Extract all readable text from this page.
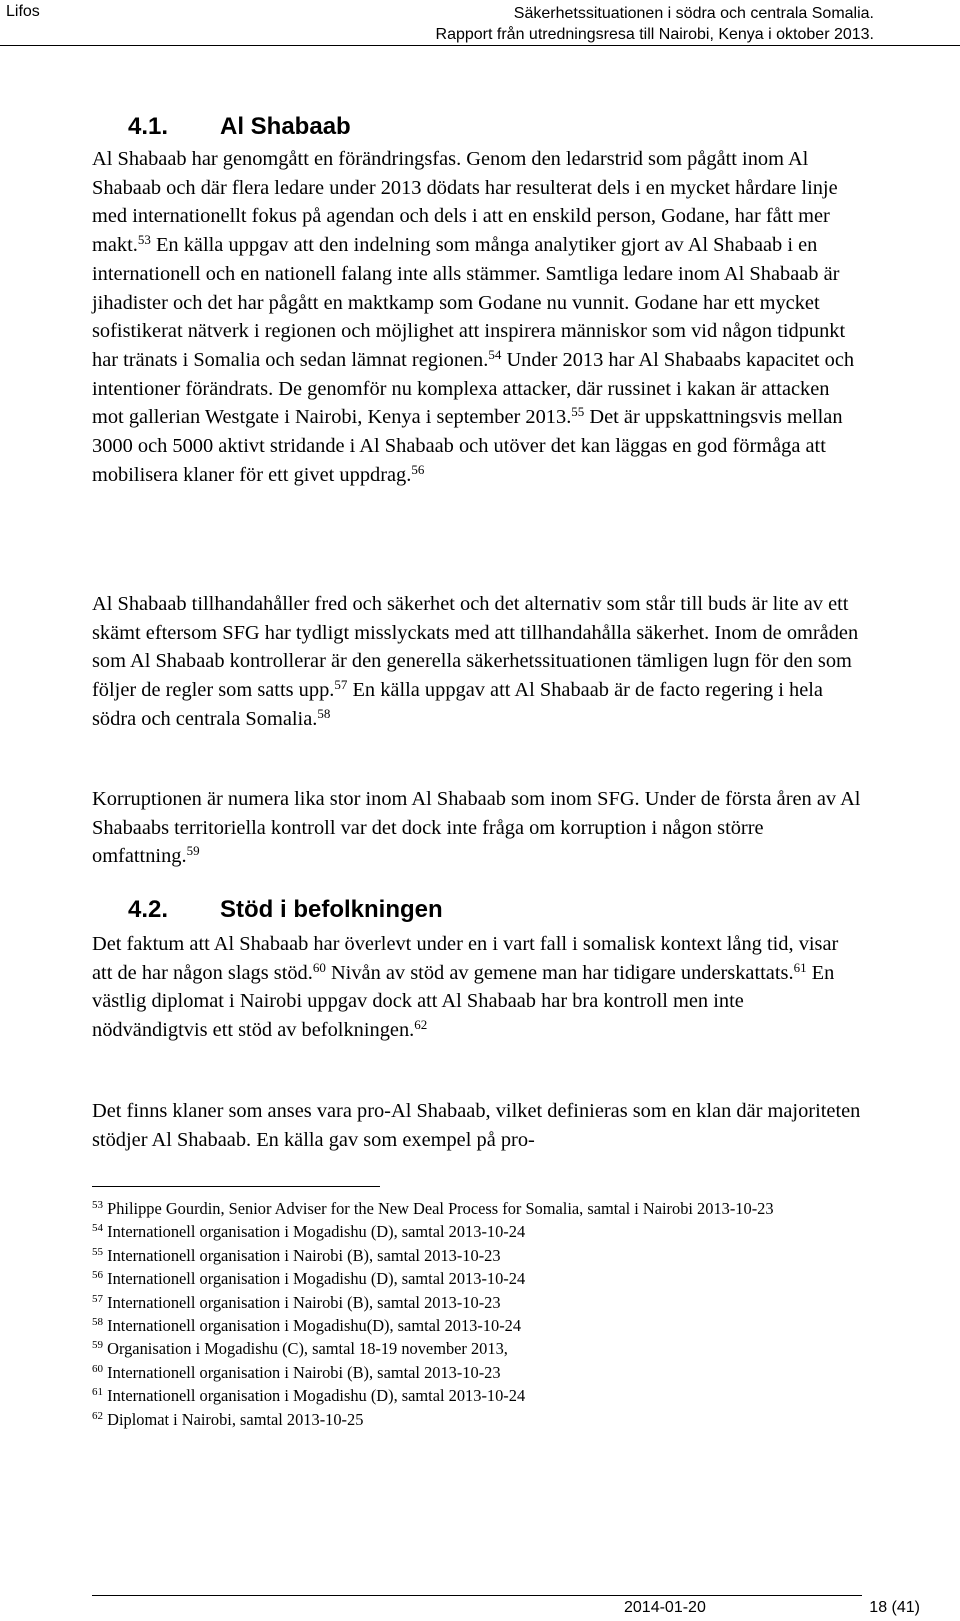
Lifos	Säkerhetssituationen i södra och centrala Somalia.
Rapport från utredningsresa till Nairobi, Kenya i oktober 2013.
4.1. Al Shabaab
Al Shabaab har genomgått en förändringsfas. Genom den ledarstrid som pågått inom Al Shabaab och där flera ledare under 2013 dödats har resulterat dels i en mycket hårdare linje med internationellt fokus på agendan och dels i att en enskild person, Godane, har fått mer makt.$^{53}$ En källa uppgav att den indelning som många analytiker gjort av Al Shabaab i en internationell och en nationell falang inte alls stämmer. Samtliga ledare inom Al Shabaab är jihadister och det har pågått en maktkamp som Godane nu vunnit. Godane har ett mycket sofistikerat nätverk i regionen och möjlighet att inspirera människor som vid någon tidpunkt har tränats i Somalia och sedan lämnat regionen.$^{54}$ Under 2013 har Al Shabaabs kapacitet och intentioner förändrats. De genomför nu komplexa attacker, där russinet i kakan är attacken mot gallerian Westgate i Nairobi, Kenya i september 2013.55 Det är uppskattningsvis mellan 3000 och 5000 aktivt stridande i Al Shabaab och utöver det kan läggas en god förmåga att mobilisera klaner för ett givet uppdrag.$^{56}$
Al Shabaab tillhandahåller fred och säkerhet och det alternativ som står till buds är lite av ett skämt eftersom SFG har tydligt misslyckats med att tillhandahålla säkerhet. Inom de områden som Al Shabaab kontrollerar är den generella säkerhetssituationen tämligen lugn för den som följer de regler som satts upp.$^{57}$ En källa uppgav att Al Shabaab är de facto regering i hela södra och centrala Somalia.$^{58}$
Korruptionen är numera lika stor inom Al Shabaab som inom SFG. Under de första åren av Al Shabaabs territoriella kontroll var det dock inte fråga om korruption i någon större omfattning.$^{59}$
4.2. Stöd i befolkningen
Det faktum att Al Shabaab har överlevt under en i vart fall i somalisk kontext lång tid, visar att de har någon slags stöd.$^{60}$ Nivån av stöd av gemene man har tidigare underskattats.$^{61}$ En västlig diplomat i Nairobi uppgav dock att Al Shabaab har bra kontroll men inte nödvändigtvis ett stöd av befolkningen.$^{62}$
Det finns klaner som anses vara pro-Al Shabaab, vilket definieras som en klan där majoriteten stödjer Al Shabaab. En källa gav som exempel på pro-
$^{53}$ Philippe Gourdin, Senior Adviser for the New Deal Process for Somalia, samtal i Nairobi 2013-10-23
$^{54}$ Internationell organisation i Mogadishu (D), samtal 2013-10-24
$^{55}$ Internationell organisation i Nairobi (B), samtal 2013-10-23
$^{56}$ Internationell organisation i Mogadishu (D), samtal 2013-10-24
$^{57}$ Internationell organisation i Nairobi (B), samtal 2013-10-23
$^{58}$ Internationell organisation i Mogadishu(D), samtal 2013-10-24
$^{59}$ Organisation i Mogadishu (C), samtal 18-19 november 2013,
$^{60}$ Internationell organisation i Nairobi (B), samtal 2013-10-23
$^{61}$ Internationell organisation i Mogadishu (D), samtal 2013-10-24
$^{62}$ Diplomat i Nairobi, samtal 2013-10-25
2014-01-20	18 (41)
